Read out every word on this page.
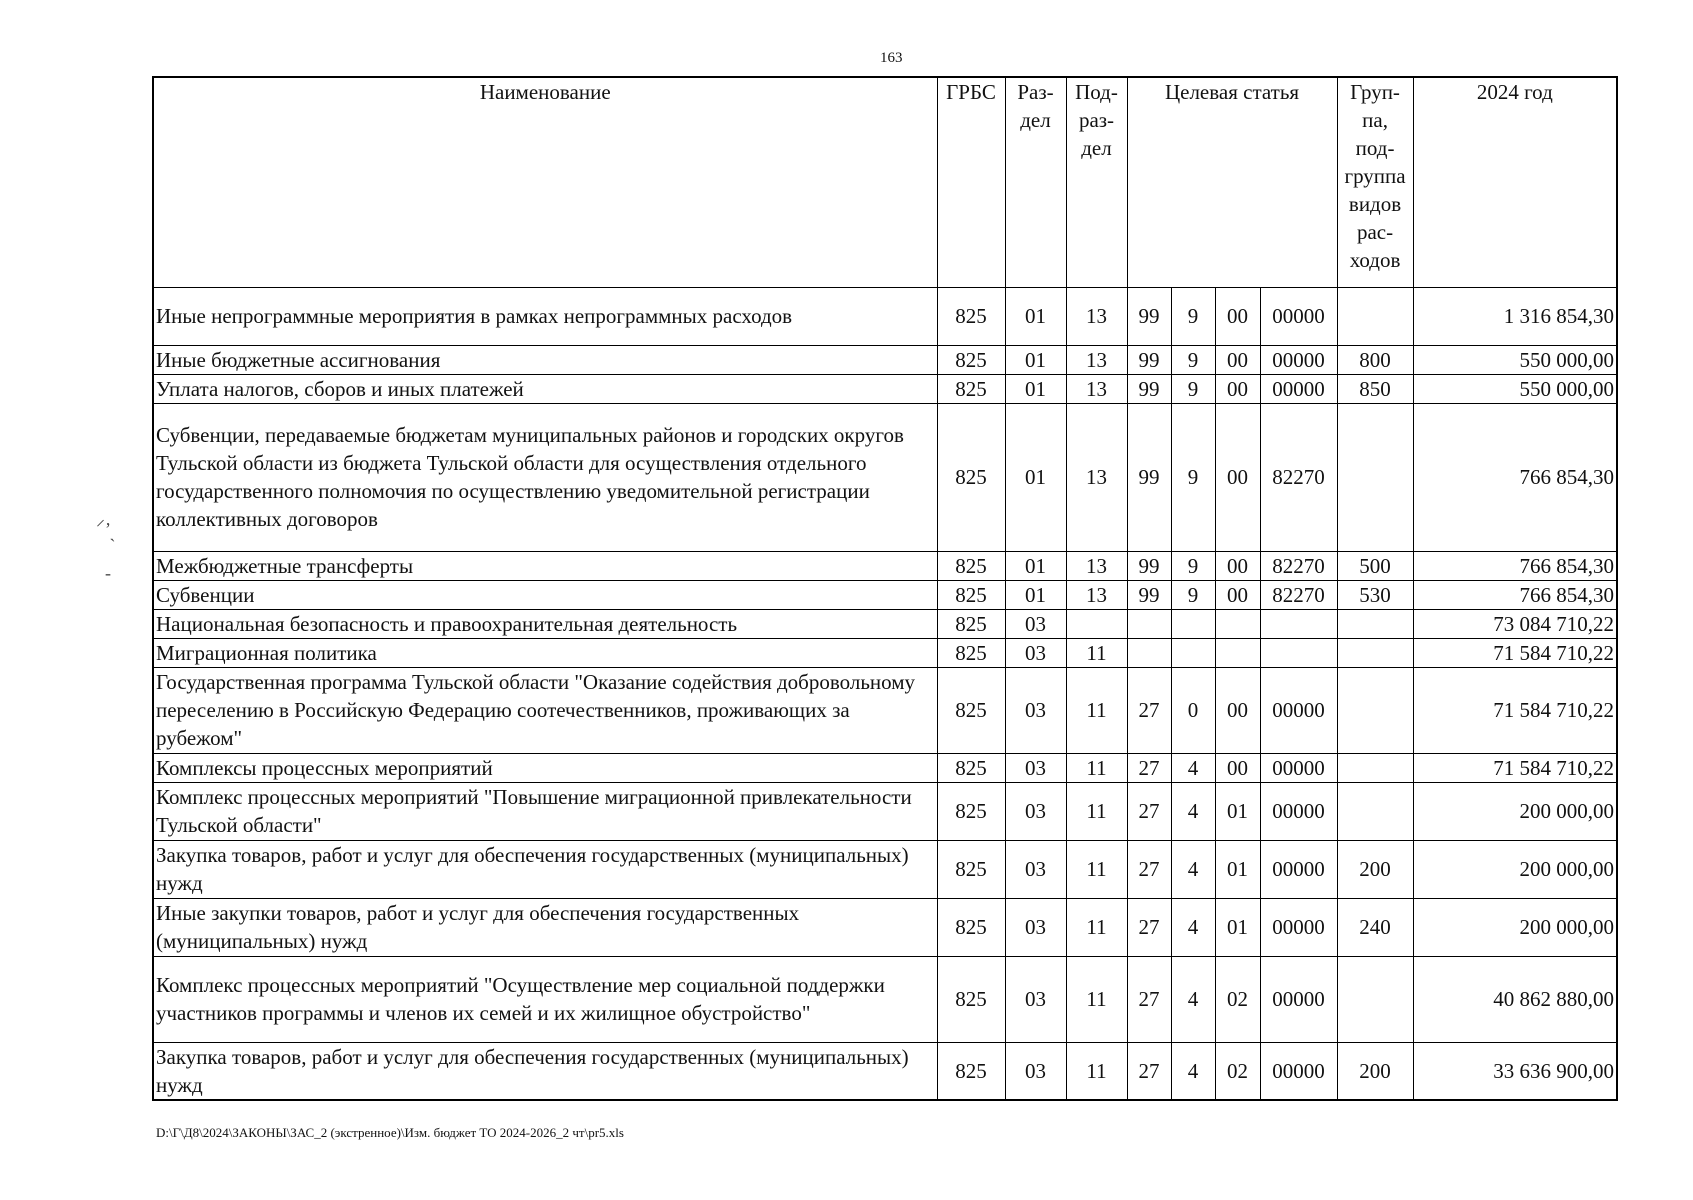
163
⸝‚
˴

‐
Наименование	ГРБС	Раз- дел	Под- раз- дел	Целевая статья				Груп- па, под- группа видов рас- ходов	2024 год
Иные непрограммные мероприятия в рамках непрограммных расходов	825	01	13	99	9	00	00000		1 316 854,30
Иные бюджетные ассигнования	825	01	13	99	9	00	00000	800	550 000,00
Уплата налогов, сборов и иных платежей	825	01	13	99	9	00	00000	850	550 000,00
Субвенции, передаваемые бюджетам муниципальных районов и городских округов Тульской области из бюджета Тульской области для осуществления отдельного государственного полномочия по осуществлению уведомительной регистрации коллективных договоров	825	01	13	99	9	00	82270		766 854,30
Межбюджетные трансферты	825	01	13	99	9	00	82270	500	766 854,30
Субвенции	825	01	13	99	9	00	82270	530	766 854,30
Национальная безопасность и правоохранительная деятельность	825	03							73 084 710,22
Миграционная политика	825	03	11						71 584 710,22
Государственная программа Тульской области "Оказание содействия добровольному переселению в Российскую Федерацию соотечественников, проживающих за рубежом"	825	03	11	27	0	00	00000		71 584 710,22
Комплексы процессных мероприятий	825	03	11	27	4	00	00000		71 584 710,22
Комплекс процессных мероприятий "Повышение миграционной привлекательности Тульской области"	825	03	11	27	4	01	00000		200 000,00
Закупка товаров, работ и услуг для обеспечения государственных (муниципальных) нужд	825	03	11	27	4	01	00000	200	200 000,00
Иные закупки товаров, работ и услуг для обеспечения государственных (муниципальных) нужд	825	03	11	27	4	01	00000	240	200 000,00
Комплекс процессных мероприятий "Осуществление мер социальной поддержки участников программы и членов их семей и их жилищное обустройство"	825	03	11	27	4	02	00000		40 862 880,00
Закупка товаров, работ и услуг для обеспечения государственных (муниципальных) нужд	825	03	11	27	4	02	00000	200	33 636 900,00
D:\Г\Д8\2024\ЗАКОНЫ\ЗАС_2 (экстренное)\Изм. бюджет ТО 2024-2026_2 чт\pr5.xls
